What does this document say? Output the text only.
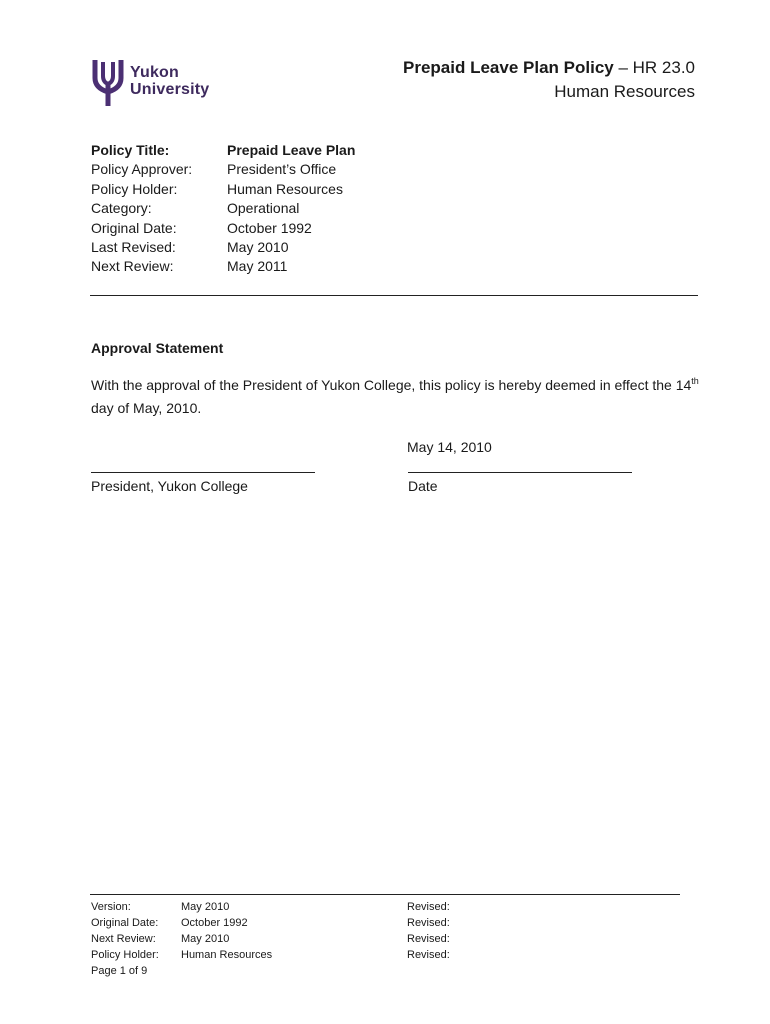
Yukon
University
Prepaid Leave Plan Policy – HR 23.0
Human Resources
Policy Title:	Prepaid Leave Plan
Policy Approver:	President’s Office
Policy Holder:	Human Resources
Category:	Operational
Original Date:	October 1992
Last Revised:	May 2010
Next Review:	May 2011
Approval Statement
With the approval of the President of Yukon College, this policy is hereby deemed in effect the 14th day of May, 2010.
May 14, 2010
President, Yukon College	Date
Version:	May 2010	Revised:
Original Date:	October 1992	Revised:
Next Review:	May 2010	Revised:
Policy Holder:	Human Resources	Revised:
Page 1 of 9
